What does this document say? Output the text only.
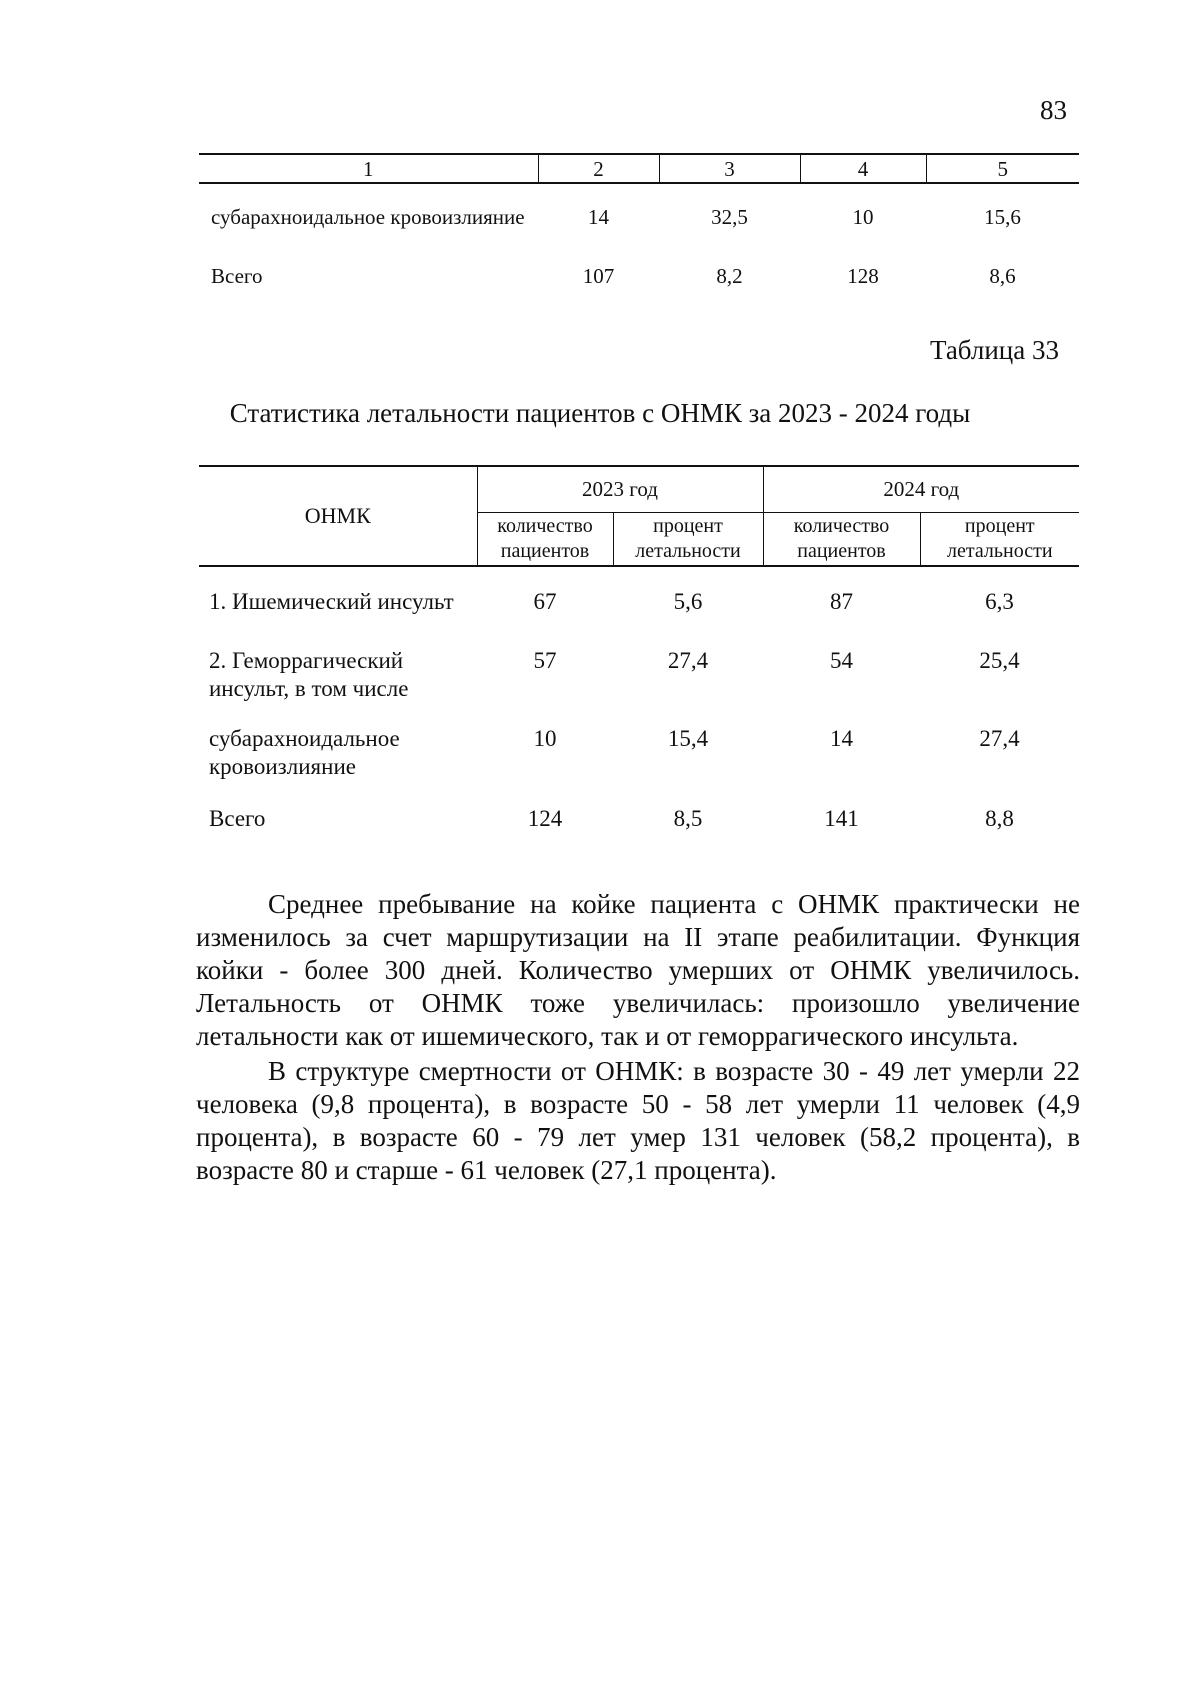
83
1	2	3	4	5
субарахноидальное кровоизлияние	14	32,5	10	15,6
Всего	107	8,2	128	8,6
Таблица 33
Статистика летальности пациентов с ОНМК за 2023 - 2024 годы
ОНМК	2023 год		2024 год	
	количество пациентов	процент летальности	количество пациентов	процент летальности
1. Ишемический инсульт	67	5,6	87	6,3
2. Геморрагический инсульт, в том числе	57	27,4	54	25,4
субарахноидальное кровоизлияние	10	15,4	14	27,4
Всего	124	8,5	141	8,8

Среднее пребывание на койке пациента с ОНМК практически не изменилось за счет маршрутизации на II этапе реабилитации. Функция койки - более 300 дней. Количество умерших от ОНМК увеличилось. Летальность от ОНМК тоже увеличилась: произошло увеличение летальности как от ишемического, так и от геморрагического инсульта.

В структуре смертности от ОНМК: в возрасте 30 - 49 лет умерли 22 человека (9,8 процента), в возрасте 50 - 58 лет умерли 11 человек (4,9 процента), в возрасте 60 - 79 лет умер 131 человек (58,2 процента), в возрасте 80 и старше - 61 человек (27,1 процента).
